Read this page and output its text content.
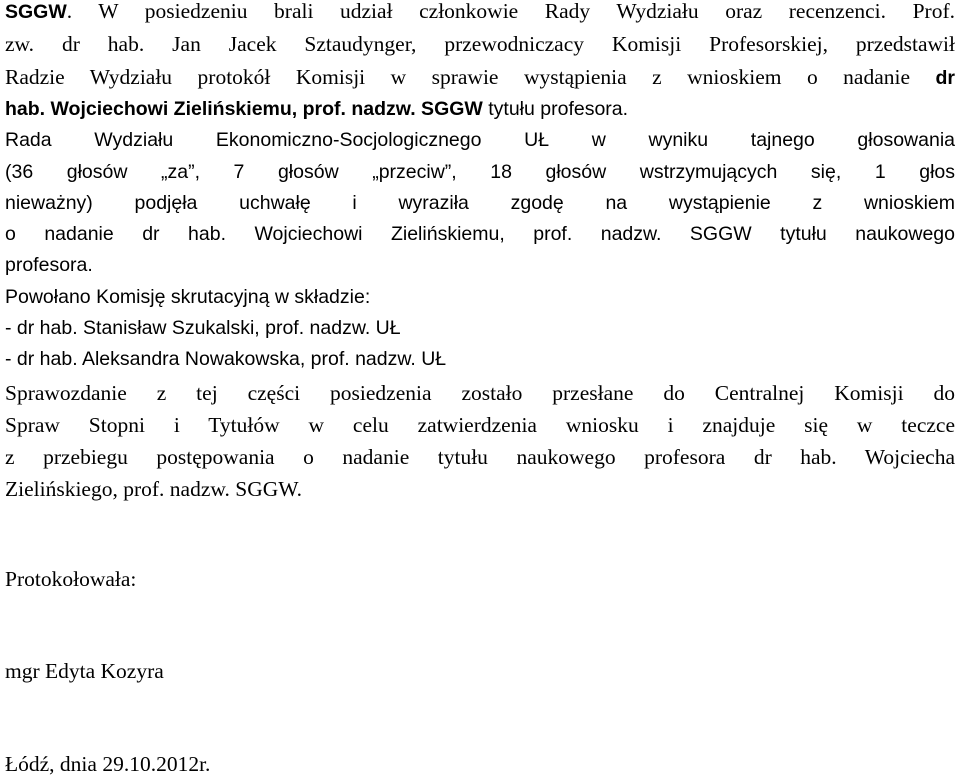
SGGW. W posiedzeniu brali udział członkowie Rady Wydziału oraz recenzenci. Prof.
zw. dr hab. Jan Jacek Sztaudynger, przewodniczacy Komisji Profesorskiej, przedstawił
Radzie Wydziału protokół Komisji w sprawie wystąpienia z wnioskiem o nadanie dr
hab. Wojciechowi Zielińskiemu, prof. nadzw. SGGW tytułu profesora.
Rada Wydziału Ekonomiczno-Socjologicznego UŁ w wyniku tajnego głosowania
(36 głosów „za”, 7 głosów „przeciw”, 18 głosów wstrzymujących się, 1 głos
nieważny) podjęła uchwałę i wyraziła zgodę na wystąpienie z wnioskiem
o nadanie dr hab. Wojciechowi Zielińskiemu, prof. nadzw. SGGW tytułu naukowego
profesora.
Powołano Komisję skrutacyjną w składzie:
- dr hab. Stanisław Szukalski, prof. nadzw. UŁ
- dr hab. Aleksandra Nowakowska, prof. nadzw. UŁ
Sprawozdanie z tej części posiedzenia zostało przesłane do Centralnej Komisji do
Spraw Stopni i Tytułów w celu zatwierdzenia wniosku i znajduje się w teczce
z przebiegu postępowania o nadanie tytułu naukowego profesora dr hab. Wojciecha
Zielińskiego, prof. nadzw. SGGW.
Protokołowała:
mgr Edyta Kozyra
Łódź, dnia 29.10.2012r.
